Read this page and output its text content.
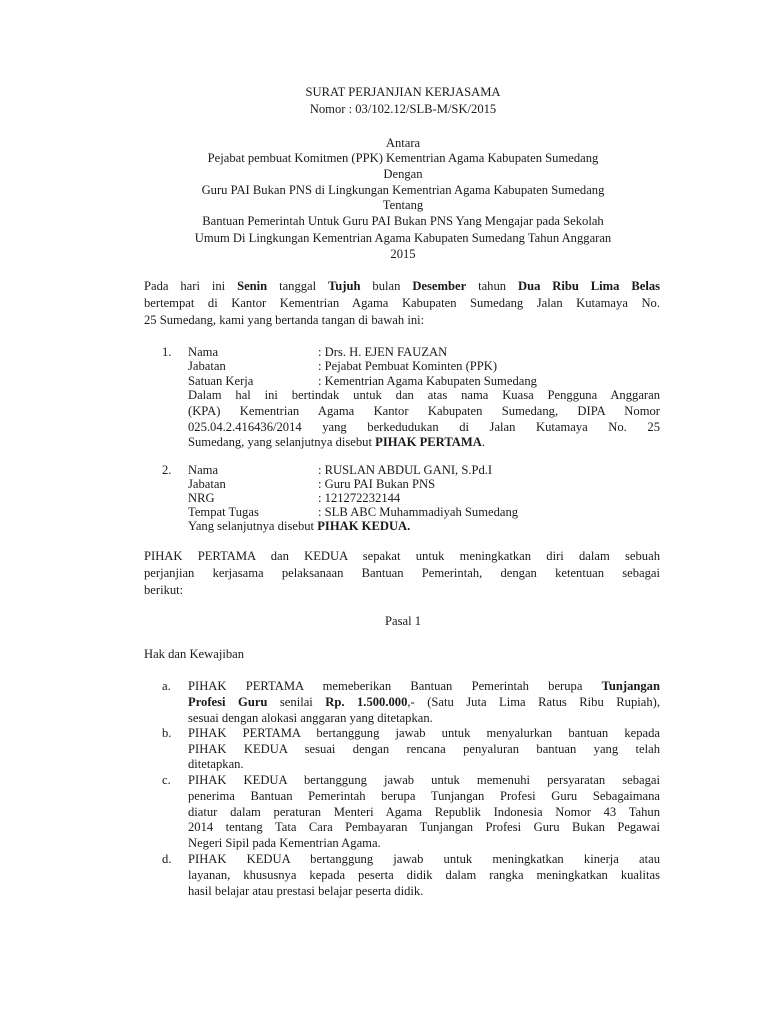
SURAT PERJANJIAN KERJASAMA
Nomor : 03/102.12/SLB-M/SK/2015
Antara
Pejabat pembuat Komitmen (PPK) Kementrian Agama Kabupaten Sumedang
Dengan
Guru PAI Bukan PNS di Lingkungan Kementrian Agama Kabupaten Sumedang
Tentang
Bantuan Pemerintah Untuk Guru PAI Bukan PNS Yang Mengajar pada Sekolah
Umum Di Lingkungan Kementrian Agama Kabupaten Sumedang Tahun Anggaran
2015
Pada hari ini Senin tanggal Tujuh bulan Desember tahun Dua Ribu Lima Belas
bertempat di Kantor Kementrian Agama Kabupaten Sumedang Jalan Kutamaya No.
25 Sumedang, kami yang bertanda tangan di bawah ini:
1. Nama	: Drs. H. EJEN FAUZAN
Jabatan	: Pejabat Pembuat Kominten (PPK)
Satuan Kerja	: Kementrian Agama Kabupaten Sumedang
Dalam hal ini bertindak untuk dan atas nama Kuasa Pengguna Anggaran
(KPA) Kementrian Agama Kantor Kabupaten Sumedang, DIPA Nomor
025.04.2.416436/2014 yang berkedudukan di Jalan Kutamaya No. 25
Sumedang, yang selanjutnya disebut PIHAK PERTAMA.
2. Nama	: RUSLAN ABDUL GANI, S.Pd.I
Jabatan	: Guru PAI Bukan PNS
NRG	: 121272232144
Tempat Tugas	: SLB ABC Muhammadiyah Sumedang
Yang selanjutnya disebut PIHAK KEDUA.
PIHAK PERTAMA dan KEDUA sepakat untuk meningkatkan diri dalam sebuah
perjanjian kerjasama pelaksanaan Bantuan Pemerintah, dengan ketentuan sebagai
berikut:
Pasal 1
Hak dan Kewajiban
a. PIHAK PERTAMA memeberikan Bantuan Pemerintah berupa Tunjangan
Profesi Guru senilai Rp. 1.500.000,- (Satu Juta Lima Ratus Ribu Rupiah),
sesuai dengan alokasi anggaran yang ditetapkan.
b. PIHAK PERTAMA bertanggung jawab untuk menyalurkan bantuan kepada
PIHAK KEDUA sesuai dengan rencana penyaluran bantuan yang telah
ditetapkan.
c. PIHAK KEDUA bertanggung jawab untuk memenuhi persyaratan sebagai
penerima Bantuan Pemerintah berupa Tunjangan Profesi Guru Sebagaimana
diatur dalam peraturan Menteri Agama Republik Indonesia Nomor 43 Tahun
2014 tentang Tata Cara Pembayaran Tunjangan Profesi Guru Bukan Pegawai
Negeri Sipil pada Kementrian Agama.
d. PIHAK KEDUA bertanggung jawab untuk meningkatkan kinerja atau
layanan, khususnya kepada peserta didik dalam rangka meningkatkan kualitas
hasil belajar atau prestasi belajar peserta didik.
